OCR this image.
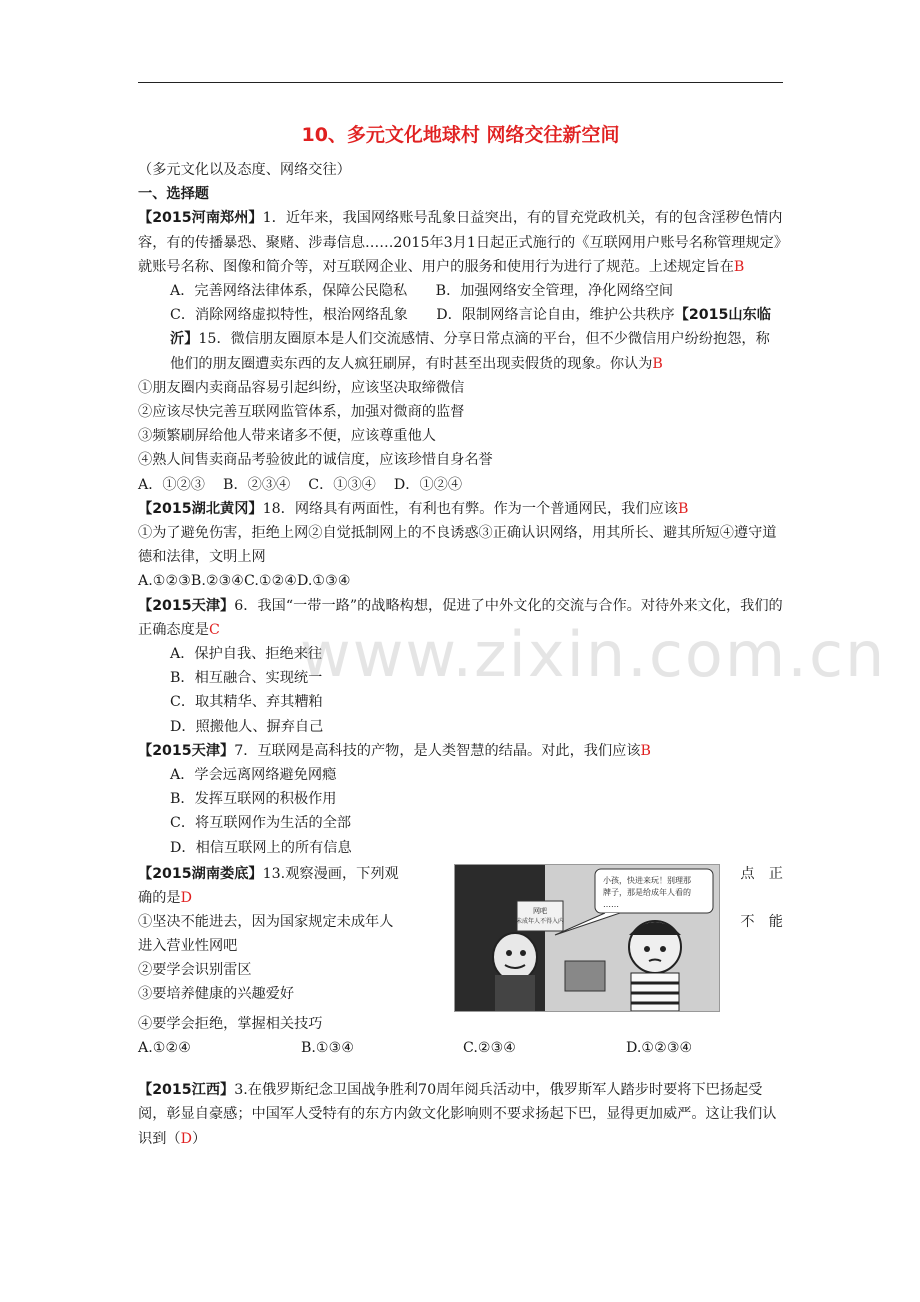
www.zixin.com.cn
10、多元文化地球村 网络交往新空间

（多元文化以及态度、网络交往）

一、选择题

【2015河南郑州】1．近年来，我国网络账号乱象日益突出，有的冒充党政机关，有的包含淫秽色情内容，有的传播暴恐、聚赌、涉毒信息……2015年3月1日起正式施行的《互联网用户账号名称管理规定》就账号名称、图像和简介等，对互联网企业、用户的服务和使用行为进行了规范。上述规定旨在B

A．完善网络法律体系，保障公民隐私　　 B．加强网络安全管理，净化网络空间

C．消除网络虚拟特性，根治网络乱象　　 D．限制网络言论自由，维护公共秩序【2015山东临沂】15．微信朋友圈原本是人们交流感情、分享日常点滴的平台，但不少微信用户纷纷抱怨，称他们的朋友圈遭卖东西的友人疯狂刷屏，有时甚至出现卖假货的现象。你认为B

①朋友圈内卖商品容易引起纠纷，应该坚决取缔微信

②应该尽快完善互联网监管体系，加强对微商的监督

③频繁刷屏给他人带来诸多不便，应该尊重他人

④熟人间售卖商品考验彼此的诚信度，应该珍惜自身名誉

A．①②③    B．②③④    C．①③④    D．①②④

【2015湖北黄冈】18．网络具有两面性，有利也有弊。作为一个普通网民，我们应该B

①为了避免伤害，拒绝上网②自觉抵制网上的不良诱惑③正确认识网络，用其所长、避其所短④遵守道德和法律，文明上网

A.①②③B.②③④C.①②④D.①③④

【2015天津】6．我国“一带一路”的战略构想，促进了中外文化的交流与合作。对待外来文化，我们的正确态度是C

A．保护自我、拒绝来往

B．相互融合、实现统一

C．取其精华、弃其糟粕

D．照搬他人、摒弃自己

【2015天津】7．互联网是高科技的产物，是人类智慧的结晶。对此，我们应该B

A．学会远离网络避免网瘾

B．发挥互联网的积极作用

C．将互联网作为生活的全部

D．相信互联网上的所有信息

网吧
未成年人不得入内
小孩，快进来玩！别理那
牌子，那是给成年人看的
……

【2015湖南娄底】13.观察漫画，下列观	点　正

确的是D

①坚决不能进去，因为国家规定未成年人	不　能

进入营业性网吧

②要学会识别雷区

③要培养健康的兴趣爱好

④要学会拒绝，掌握相关技巧

A.①②④	B.①③④	C.②③④	D.①②③④

【2015江西】3.在俄罗斯纪念卫国战争胜利70周年阅兵活动中，俄罗斯军人踏步时要将下巴扬起受阅，彰显自豪感；中国军人受特有的东方内敛文化影响则不要求扬起下巴，显得更加威严。这让我们认识到（D）
